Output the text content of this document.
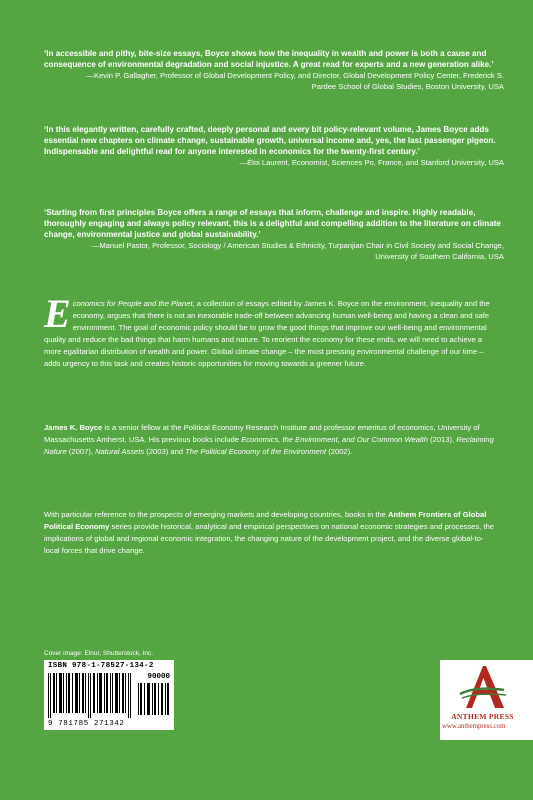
‘In accessible and pithy, bite-size essays, Boyce shows how the inequality in wealth and power is both a cause and consequence of environmental degradation and social injustice. A great read for experts and a new generation alike.’

—Kevin P. Gallagher, Professor of Global Development Policy, and Director, Global Development Policy Center, Frederick S. Pardee School of Global Studies, Boston University, USA

‘In this elegantly written, carefully crafted, deeply personal and every bit policy-relevant volume, James Boyce adds essential new chapters on climate change, sustainable growth, universal income and, yes, the last passenger pigeon. Indispensable and delightful read for anyone interested in economics for the twenty-first century.’

—Éloi Laurent, Economist, Sciences Po, France, and Stanford University, USA

‘Starting from first principles Boyce offers a range of essays that inform, challenge and inspire. Highly readable, thoroughly engaging and always policy relevant, this is a delightful and compelling addition to the literature on climate change, environmental justice and global sustainability.’

—Manuel Pastor, Professor, Sociology / American Studies & Ethnicity, Turpanjian Chair in Civil Society and Social Change, University of Southern California, USA

Economics for People and the Planet, a collection of essays edited by James K. Boyce on the environment, inequality and the economy, argues that there is not an inexorable trade-off between advancing human well-being and having a clean and safe environment. The goal of economic policy should be to grow the good things that improve our well-being and environmental quality and reduce the bad things that harm humans and nature. To reorient the economy for these ends, we will need to achieve a more egalitarian distribution of wealth and power. Global climate change – the most pressing environmental challenge of our time – adds urgency to this task and creates historic opportunities for moving towards a greener future.

James K. Boyce is a senior fellow at the Political Economy Research Institute and professor emeritus of economics, University of Massachusetts Amherst, USA. His previous books include Economics, the Environment, and Our Common Wealth (2013), Reclaiming Nature (2007), Natural Assets (2003) and The Political Economy of the Environment (2002).

With particular reference to the prospects of emerging markets and developing countries, books in the Anthem Frontiers of Global Political Economy series provide historical, analytical and empirical perspectives on national economic strategies and processes, the implications of global and regional economic integration, the changing nature of the development project, and the diverse global-to-local forces that drive change.

Cover image: Elnur, Shutterstock, Inc.
ISBN 978-1-78527-134-2
90000
9 781785 271342
ANTHEM PRESS
www.anthempress.com
